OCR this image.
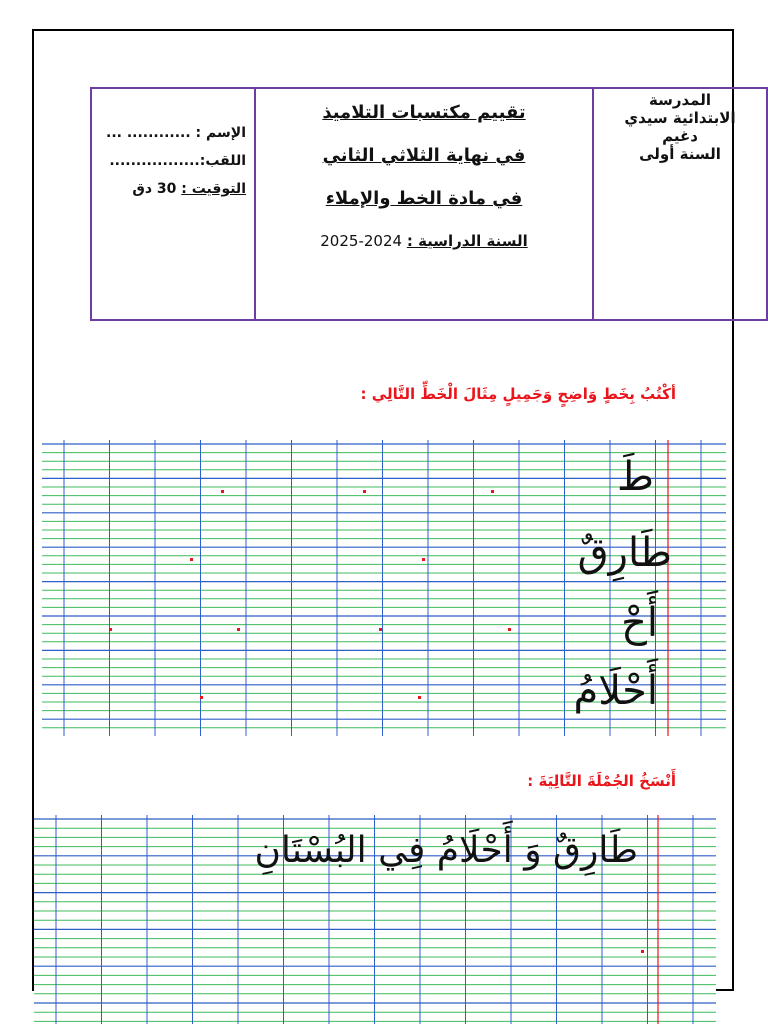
الإسم : ............ ...
اللقب:.................
التوقيت : 30 دق
تقييم مكتسبات التلاميذ
في نهاية الثلاثي الثاني
في مادة الخط والإملاء
السنة الدراسية : 2024-2025
المدرسة
الابتدائية سيدي
دغيم
السنة أولى
أكْتُبُ بِخَطٍ وَاضِحٍ وَجَمِيلٍ مِثَالَ الْخَطِّ التَّالِي :
طَ
طَارِقٌ
أَحْ
أَحْلَامُ
أَنْسَخُ الجُمْلَةَ التَّالِيَةَ :
طَارِقٌ وَ أَحْلَامُ فِي البُسْتَانِ
